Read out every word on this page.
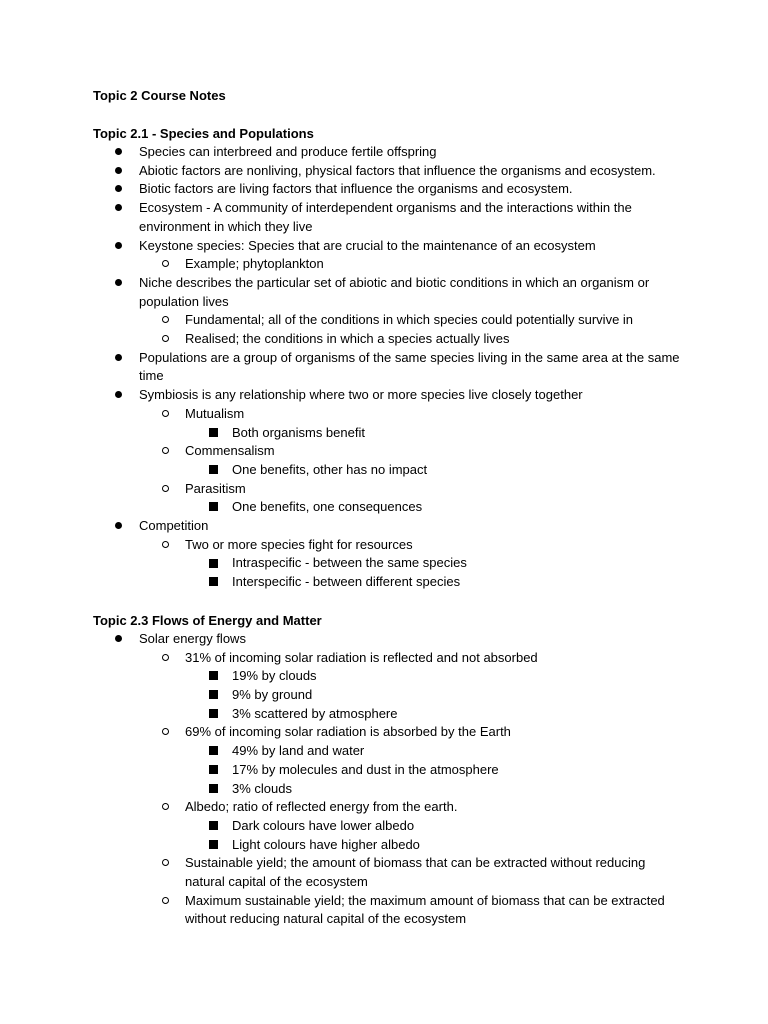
Topic 2 Course Notes
Topic 2.1 - Species and Populations
Species can interbreed and produce fertile offspring
Abiotic factors are nonliving, physical factors that influence the organisms and ecosystem.
Biotic factors are living factors that influence the organisms and ecosystem.
Ecosystem - A community of interdependent organisms and the interactions within the environment in which they live
Keystone species: Species that are crucial to the maintenance of an ecosystem
Example; phytoplankton
Niche describes the particular set of abiotic and biotic conditions in which an organism or population lives
Fundamental; all of the conditions in which species could potentially survive in
Realised; the conditions in which a species actually lives
Populations are a group of organisms of the same species living in the same area at the same time
Symbiosis is any relationship where two or more species live closely together
Mutualism
Both organisms benefit
Commensalism
One benefits, other has no impact
Parasitism
One benefits, one consequences
Competition
Two or more species fight for resources
Intraspecific - between the same species
Interspecific - between different species
Topic 2.3 Flows of Energy and Matter
Solar energy flows
31% of incoming solar radiation is reflected and not absorbed
19% by clouds
9% by ground
3% scattered by atmosphere
69% of incoming solar radiation is absorbed by the Earth
49% by land and water
17% by molecules and dust in the atmosphere
3% clouds
Albedo; ratio of reflected energy from the earth.
Dark colours have lower albedo
Light colours have higher albedo
Sustainable yield; the amount of biomass that can be extracted without reducing natural capital of the ecosystem
Maximum sustainable yield; the maximum amount of biomass that can be extracted without reducing natural capital of the ecosystem
